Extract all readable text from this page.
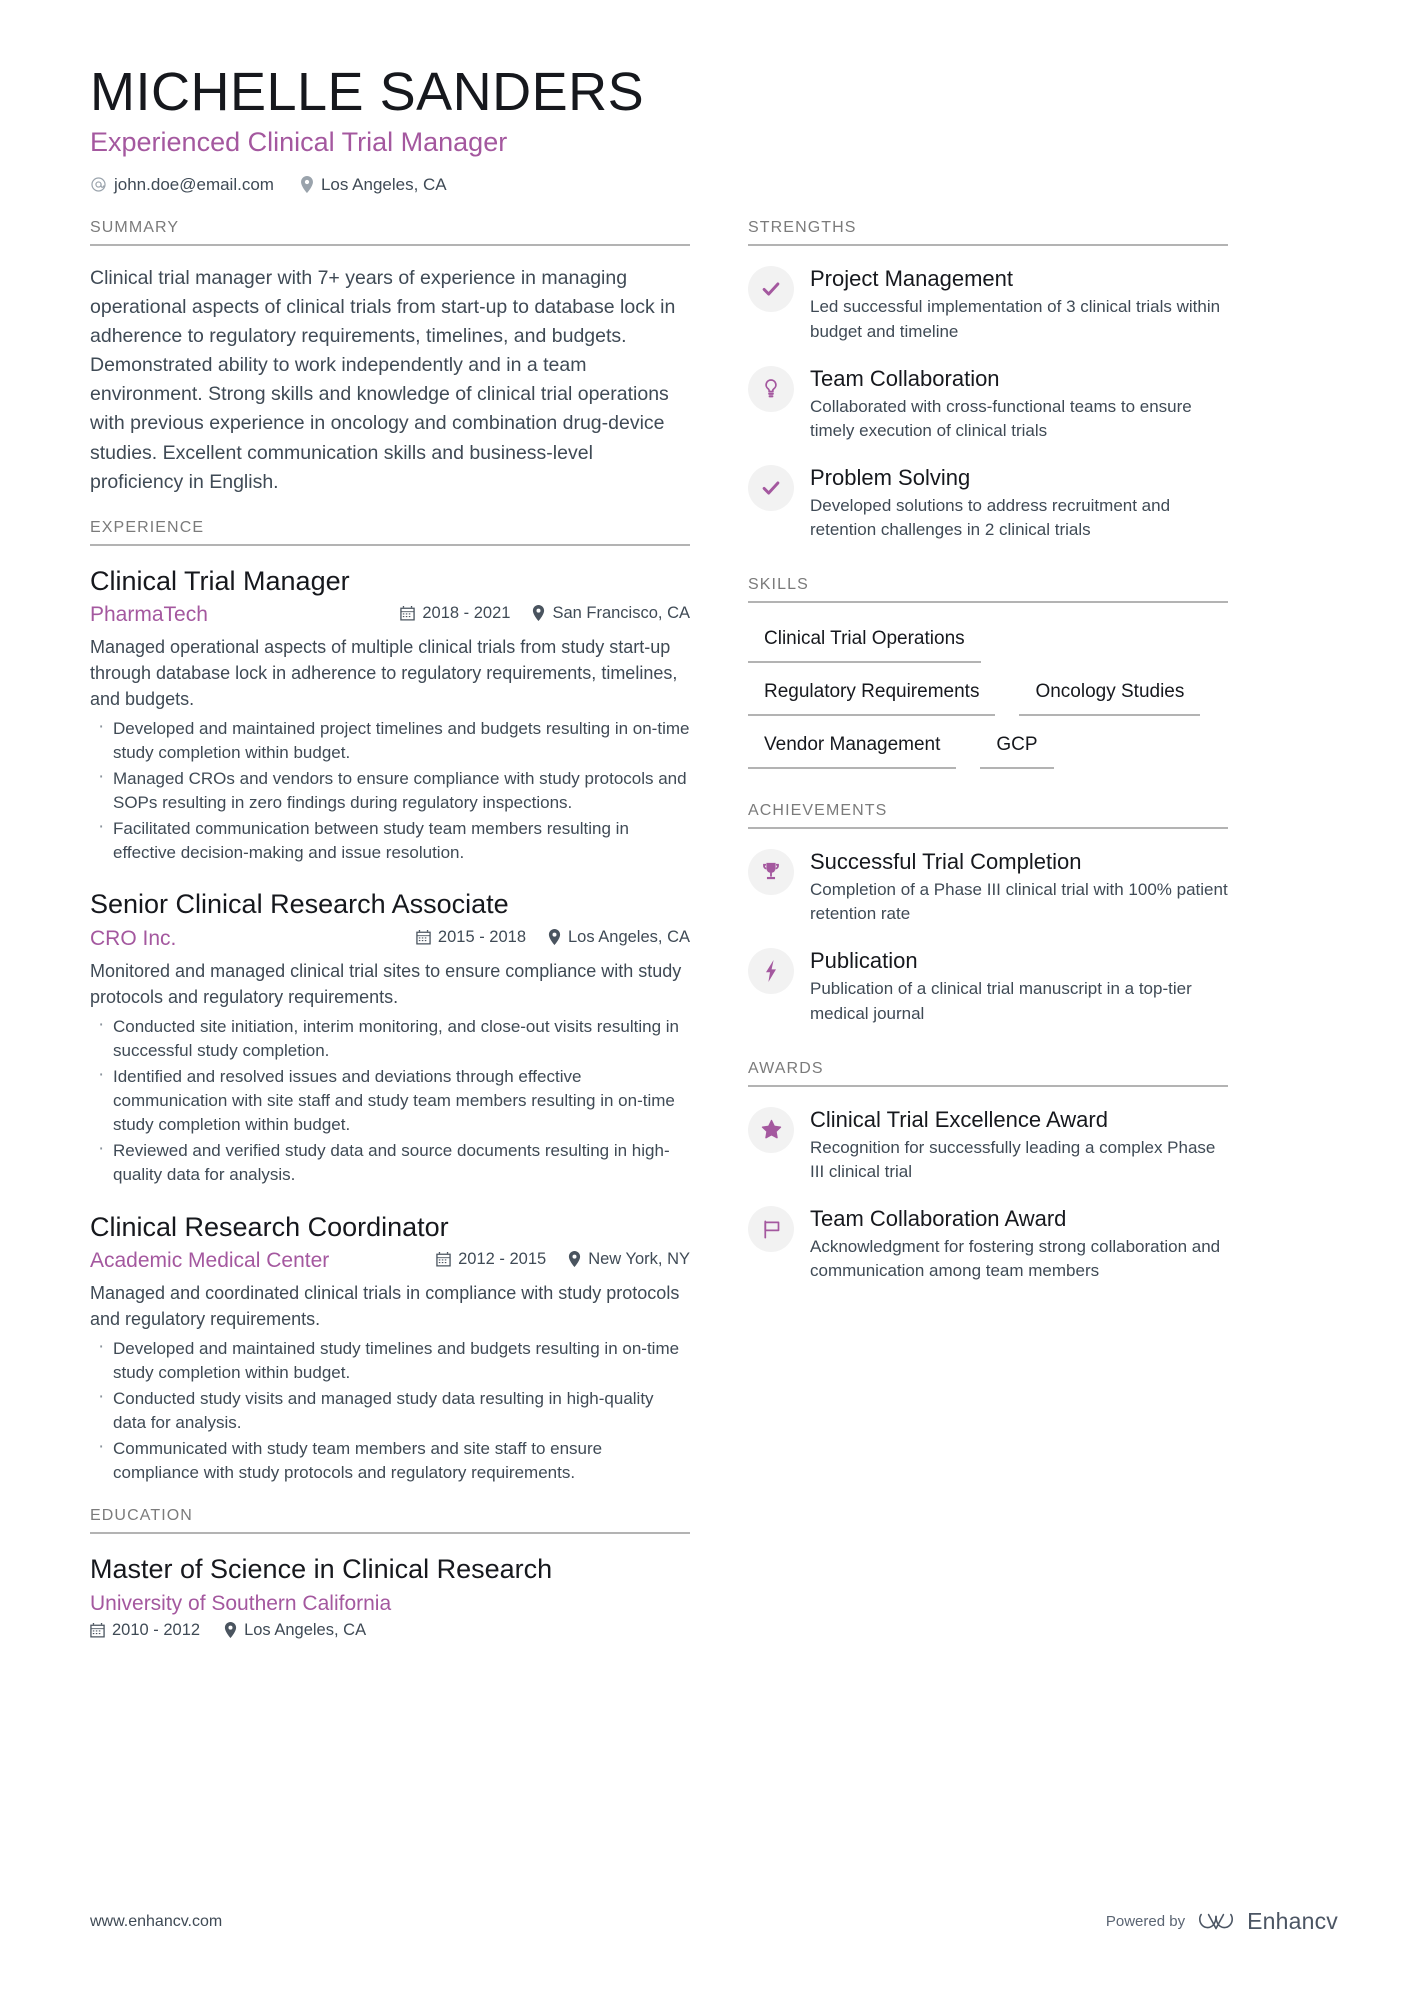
MICHELLE SANDERS
Experienced Clinical Trial Manager
john.doe@email.com	Los Angeles, CA
SUMMARY

Clinical trial manager with 7+ years of experience in managing operational aspects of clinical trials from start-up to database lock in adherence to regulatory requirements, timelines, and budgets. Demonstrated ability to work independently and in a team environment. Strong skills and knowledge of clinical trial operations with previous experience in oncology and combination drug-device studies. Excellent communication skills and business-level proficiency in English.

EXPERIENCE
Clinical Trial Manager
PharmaTech	2018 - 2021	San Francisco, CA

Managed operational aspects of multiple clinical trials from study start-up through database lock in adherence to regulatory requirements, timelines, and budgets.

· Developed and maintained project timelines and budgets resulting in on-time study completion within budget.
· Managed CROs and vendors to ensure compliance with study protocols and SOPs resulting in zero findings during regulatory inspections.
· Facilitated communication between study team members resulting in effective decision-making and issue resolution.
Senior Clinical Research Associate
CRO Inc.	2015 - 2018	Los Angeles, CA

Monitored and managed clinical trial sites to ensure compliance with study protocols and regulatory requirements.

· Conducted site initiation, interim monitoring, and close-out visits resulting in successful study completion.
· Identified and resolved issues and deviations through effective communication with site staff and study team members resulting in on-time study completion within budget.
· Reviewed and verified study data and source documents resulting in high-quality data for analysis.
Clinical Research Coordinator
Academic Medical Center	2012 - 2015	New York, NY

Managed and coordinated clinical trials in compliance with study protocols and regulatory requirements.

· Developed and maintained study timelines and budgets resulting in on-time study completion within budget.
· Conducted study visits and managed study data resulting in high-quality data for analysis.
· Communicated with study team members and site staff to ensure compliance with study protocols and regulatory requirements.
EDUCATION
Master of Science in Clinical Research
University of Southern California
2010 - 2012	Los Angeles, CA
STRENGTHS
Project Management
Led successful implementation of 3 clinical trials within budget and timeline
Team Collaboration
Collaborated with cross-functional teams to ensure timely execution of clinical trials
Problem Solving
Developed solutions to address recruitment and retention challenges in 2 clinical trials
SKILLS
Clinical Trial Operations
Regulatory Requirements	Oncology Studies
Vendor Management	GCP
ACHIEVEMENTS
Successful Trial Completion
Completion of a Phase III clinical trial with 100% patient retention rate
Publication
Publication of a clinical trial manuscript in a top-tier medical journal
AWARDS
Clinical Trial Excellence Award
Recognition for successfully leading a complex Phase III clinical trial
Team Collaboration Award
Acknowledgment for fostering strong collaboration and communication among team members
www.enhancv.com	Powered by	Enhancv
